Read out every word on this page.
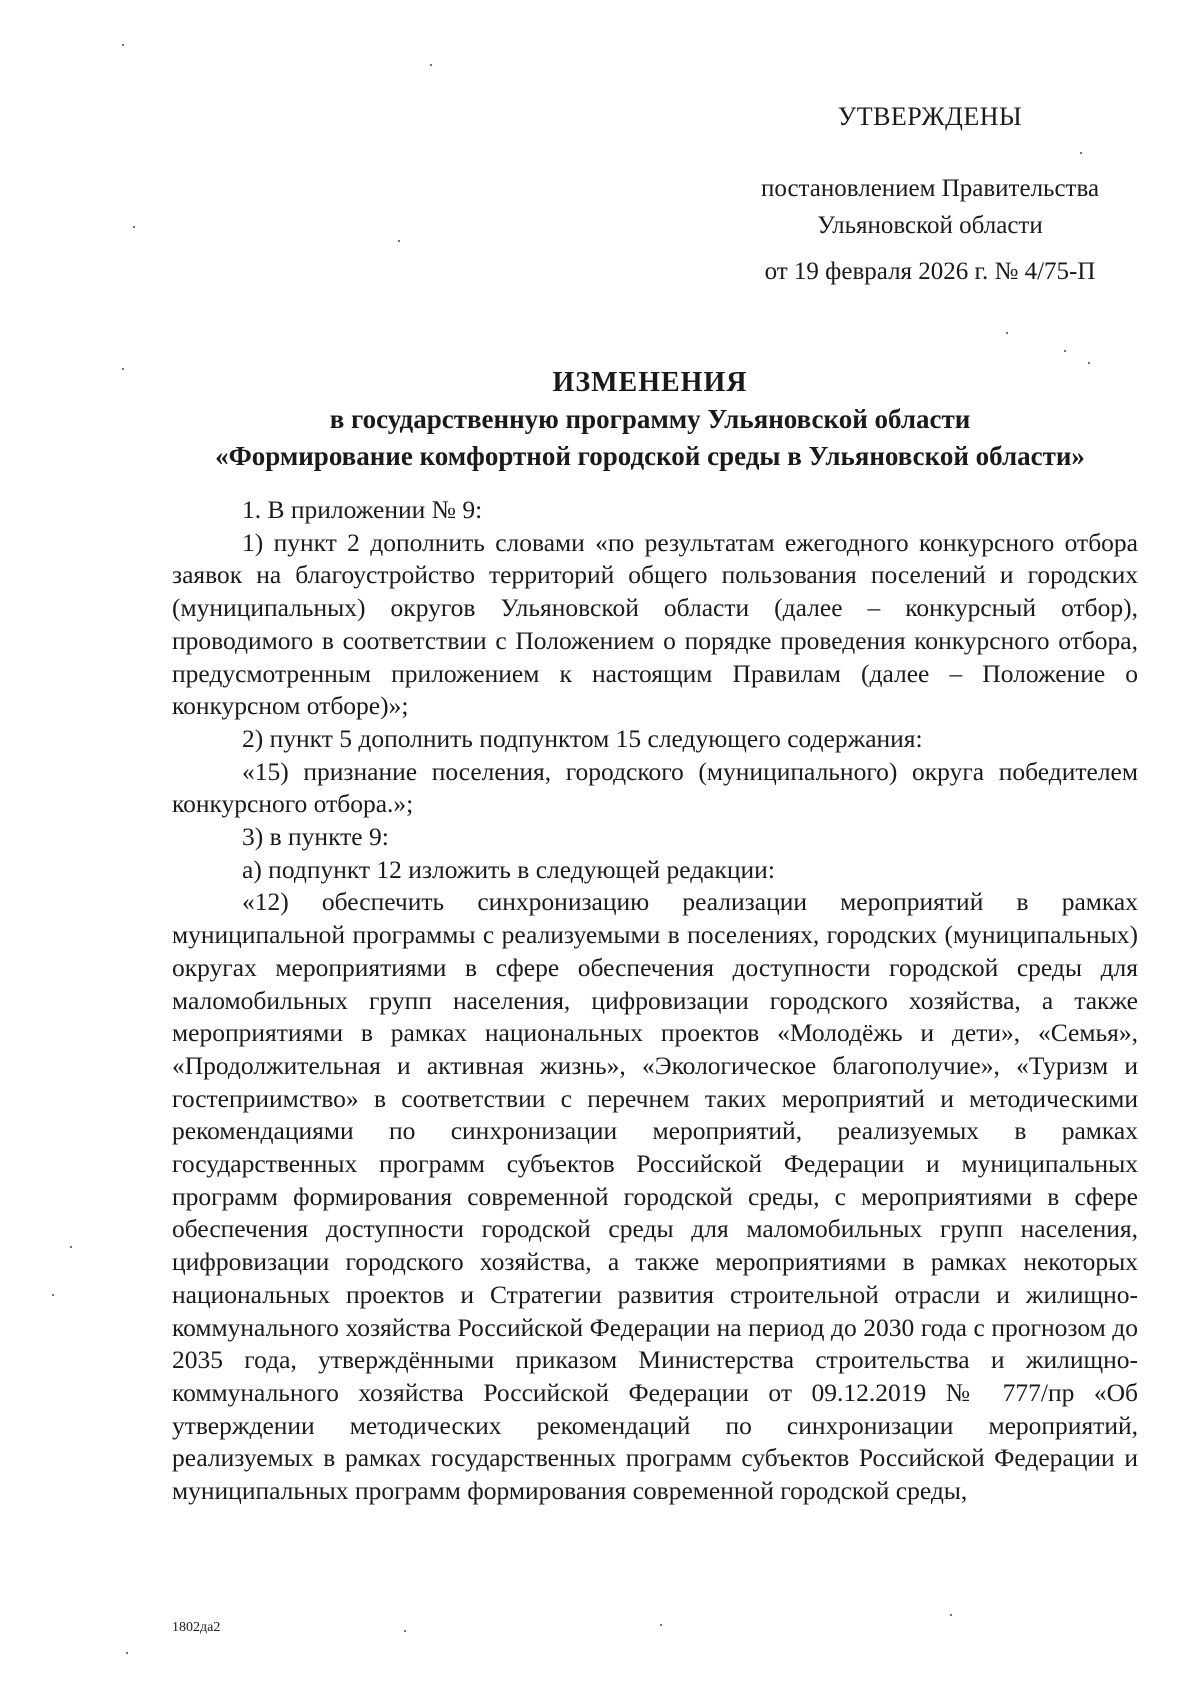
УТВЕРЖДЕНЫ
постановлением Правительства
Ульяновской области
от 19 февраля 2026 г. № 4/75-П
ИЗМЕНЕНИЯ
в государственную программу Ульяновской области
«Формирование комфортной городской среды в Ульяновской области»

1. В приложении № 9:

1) пункт 2 дополнить словами «по результатам ежегодного конкурсного отбора заявок на благоустройство территорий общего пользования поселений и городских (муниципальных) округов Ульяновской области (далее – конкурсный отбор), проводимого в соответствии с Положением о порядке проведения конкурсного отбора, предусмотренным приложением к настоящим Правилам (далее – Положение о конкурсном отборе)»;

2) пункт 5 дополнить подпунктом 15 следующего содержания:

«15) признание поселения, городского (муниципального) округа победителем конкурсного отбора.»;

3) в пункте 9:

а) подпункт 12 изложить в следующей редакции:

«12) обеспечить синхронизацию реализации мероприятий в рамках муниципальной программы с реализуемыми в поселениях, городских (муниципальных) округах мероприятиями в сфере обеспечения доступности городской среды для маломобильных групп населения, цифровизации городского хозяйства, а также мероприятиями в рамках национальных проектов «Молодёжь и дети», «Семья», «Продолжительная и активная жизнь», «Экологическое благополучие», «Туризм и гостеприимство» в соответствии с перечнем таких мероприятий и методическими рекомендациями по синхронизации мероприятий, реализуемых в рамках государственных программ субъектов Российской Федерации и муниципальных программ формирования современной городской среды, с мероприятиями в сфере обеспечения доступности городской среды для маломобильных групп населения, цифровизации городского хозяйства, а также мероприятиями в рамках некоторых национальных проектов и Стратегии развития строительной отрасли и жилищно-коммунального хозяйства Российской Федерации на период до 2030 года с прогнозом до 2035 года, утверждёнными приказом Министерства строительства и жилищно-коммунального хозяйства Российской Федерации от 09.12.2019 № 777/пр «Об утверждении методических рекомендаций по синхронизации мероприятий, реализуемых в рамках государственных программ субъектов Российской Федерации и муниципальных программ формирования современной городской среды,

1802да2
